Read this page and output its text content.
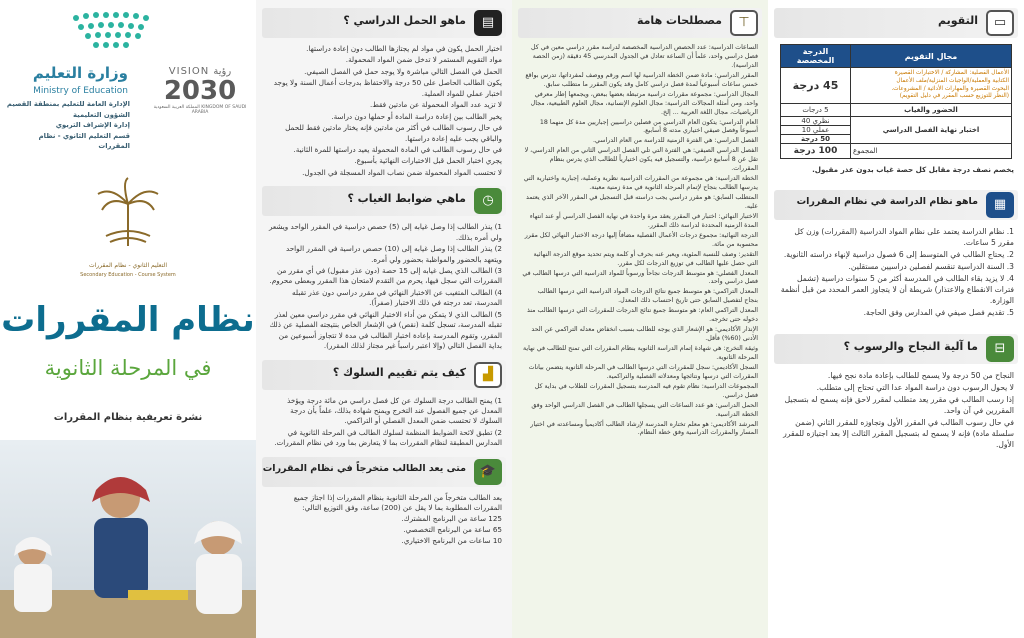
وزارة التعليم
Ministry of Education
الإدارة العامة للتعليم بمنطقة القصيم
الشؤون التعليمية
إدارة الإشراف التربوي
قسم التعليم الثانوي - نظام المقررات
VISION رؤية
2030
المملكة العربية السعودية KINGDOM OF SAUDI ARABIA
التعليم الثانوي - نظام المقررات
Secondary Education - Course System
نظام المقررات
في المرحلة الثانوية
نشرة تعريفية بنظام المقررات
▤
ماهو الحمل الدراسي ؟
اختيار الحمل يكون في مواد لم يجتازها الطالب دون إعادة دراستها.
مواد التقويم المستمر لا تدخل ضمن المواد المحمولة.
الحمل في الفصل التالي مباشرة ولا يوجد حمل في الفصل الصيفي.
يكون الطالب الحاصل على 50 درجة والاحتفاظ بدرجات أعمال السنة ولا يوجد اختبار عملي للمواد العملية.
لا تزيد عدد المواد المحمولة عن مادتين فقط.
يخير الطالب بين إعادة دراسة المادة أو حملها دون دراسة.
في حال رسوب الطالب في أكثر من مادتين فإنه يختار مادتين فقط للحمل والباقي يجب عليه إعادة دراستها.
في حال رسوب الطالب في المادة المحمولة يعيد دراستها للمرة الثانية.
يجري اختبار الحمل قبل الاختبارات النهائية بأسبوع.
لا تحتسب المواد المحمولة ضمن نصاب المواد المسجلة في الجدول.
◷
ماهي ضوابط الغياب ؟
1) ينذر الطالب إذا وصل غيابه إلى (5) حصص دراسية في المقرر الواحد ويشعر ولي أمره بذلك.
2) ينذر الطالب إذا وصل غيابه إلى (10) حصص دراسية في المقرر الواحد ويتعهد بالحضور والمواظبة بحضور ولي أمره.
3) الطالب الذي يصل غيابه إلى 15 حصة (دون عذر مقبول) في أي مقرر من المقررات التي سجل فيها، يحرم من التقدم لامتحان هذا المقرر وبعطى محروم.
4) الطالب المتغيب عن الاختبار النهائي في مقرر دراسي دون عذر تقبله المدرسة، تعد درجته في ذلك الاختبار (صفراً).
5) الطالب الذي لا يتمكن من أداء الاختبار النهائي في مقرر دراسي معين لعذر تقبله المدرسة، تسجل كلمة (نقص) في الإشعار الخاص بنتيجته الفصلية عن ذلك المقرر، وتقوم المدرسة بإعادة اختبار الطالب في مدة لا تتجاوز أسبوعين من بداية الفصل التالي (وإلا اعتبر راسباً غير مجتاز لذلك المقرر).
▟
كيف يتم تقييم السلوك ؟
1) يمنح الطالب درجة السلوك عن كل فصل دراسي من مائة درجة ويؤخذ المعدل عن جميع الفصول عند التخرج ويمنح شهادة بذلك، علماً بأن درجة السلوك لا تحتسب ضمن المعدل الفصلي أو التراكمي.
2) تطبق لائحة الضوابط المنظمة لسلوك الطالب في المرحلة الثانوية في المدارس المطبقة لنظام المقررات بما لا يتعارض بما ورد في نظام المقررات.
🎓
متى يعد الطالب متخرجاً في نظام المقررات
يعد الطالب متخرجاً من المرحلة الثانوية بنظام المقررات إذا اجتاز جميع المقررات المطلوبة بما لا يقل عن (200) ساعة، وفق التوزيع التالي:
125 ساعة من البرنامج المشترك.
65 ساعة من البرنامج التخصصي.
10 ساعات من البرنامج الاختياري.
⊤
مصطلحات هامة
الساعات الدراسية: عدد الحصص الدراسية المخصصة لدراسة مقرر دراسي معين في كل فصل دراسي واحد، علماً أن الساعة تعادل في الجدول المدرسي 45 دقيقة (زمن الحصة الدراسية).
المقرر الدراسي: مادة ضمن الخطة الدراسية لها اسم ورقم ووصف لمفرداتها، تدرس بواقع خمس ساعات أسبوعياً لمدة فصل دراسي كامل وقد يكون المقرر ما متطلب سابق.
المجال الدراسي: مجموعة مقررات دراسية مرتبطة بعضها ببعض، ويجمعها إطار معرفي واحد، ومن أمثلة المجالات الدراسية: مجال العلوم الإنسانية، مجال العلوم الطبيعية، مجال الرياضيات، مجال اللغة العربية ... إلخ.
العام الدراسي: يتكون العام الدراسي من فصلين دراسيين إجباريين مدة كل منهما 18 أسبوعاً وفصل صيفي اختياري مدته 8 أسابيع.
الفصل الدراسي: هي الفترة الزمنية للدراسة من العام الدراسي.
الفصل الدراسي الصيفي: هي الفترة التي تلي الفصل الدراسي الثاني من العام الدراسي، لا تقل عن 8 أسابيع دراسية، والتسجيل فيه يكون اختيارياً للطالب الذي يدرس بنظام المقررات.
الخطة الدراسية: هي مجموعة من المقررات الدراسية نظرية وعملية، إجبارية واختيارية التي يدرسها الطالب بنجاح لإتمام المرحلة الثانوية في مدة زمنية معينة.
المتطلب السابق: هو مقرر دراسي يجب دراسته قبل التسجيل في المقرر الآخر الذي يعتمد عليه.
الاختبار النهائي: اختبار في المقرر يعقد مرة واحدة في نهاية الفصل الدراسي أو عند انتهاء المدة الزمنية المحددة لدراسة ذلك المقرر.
الدرجة النهائية: مجموع درجات الأعمال الفصلية مضافاً إليها درجة الاختبار النهائي لكل مقرر محسوبة من مائة.
التقدير: وصف للنسبة المئوية، ويعبر عنه بحرف أو كلمة ويتم تحديد موقع الدرجة النهائية التي حصل عليها الطالب في توزيع الدرجات لكل مقرر.
المعدل الفصلي: هو متوسط الدرجات نجاحاً ورسوباً للمواد الدراسية التي درسها الطالب في فصل دراسي واحد.
المعدل التراكمي: هو متوسط جميع نتائج الدرجات المواد الدراسية التي درسها الطالب بنجاح لتفصيل السابق حتى تاريخ احتساب ذلك المعدل.
المعدل التراكمي العام: هو متوسط جميع نتائج الدرجات للمقررات التي درسها الطالب منذ دخوله حتى تخرجه.
الإنذار الأكاديمي: هو الإشعار الذي يوجه للطالب بسبب انخفاض معدله التراكمي عن الحد الأدنى (60%) فأقل.
وثيقة التخرج: هي شهادة إتمام الدراسة الثانوية بنظام المقررات التي تمنح للطالب في نهاية المرحلة الثانوية.
السجل الأكاديمي: سجل للمقررات التي درسها الطالب في المرحلة الثانوية يتضمن بيانات المقررات التي درسها ونتائجها ومعدلاته الفصلية والتراكمية.
المجموعات الدراسية: نظام تقوم فيه المدرسة بتسجيل المقررات للطلاب في بداية كل فصل دراسي.
الحمل الدراسي: هو عدد الساعات التي يسجلها الطالب في الفصل الدراسي الواحد وفق الخطة الدراسية.
المرشد الأكاديمي: هو معلم تختاره المدرسة لإرشاد الطالب أكاديمياً ومساعدته في اختيار المسار والمقررات الدراسية وفق خطة النظام.
▭
التقويم
مجال التقويم	الدرجة المخصصة

الأعمال الفصلية: المشاركة / الاختبارات القصيرة
الكتابية والعملية/الواجبات المنزلية/ملف الأعمال
البحوث القصيرة والمهارات الأدائية / المشروعات.
(النظر للتوزيع حسب المقرر في دليل التقويم)	45 درجة
الحضور والغياب	5 درجات
اختبار نهاية الفصل الدراسي	نظري 40
عملي 10
50 درجة

المجموع	100 درجة
يخصم نصف درجة مقابل كل حصة غياب بدون عذر مقبول.
▦
ماهو نظام الدراسة في نظام المقررات
1. نظام الدراسة يعتمد على نظام المواد الدراسية (المقررات) وزن كل مقرر 5 ساعات.
2. يحتاج الطالب في المتوسط إلى 6 فصول دراسية لإنهاء دراسته الثانوية.
3. السنة الدراسية تنقسم لفصلين دراسيين مستقلين.
4. لا يزيد بقاء الطالب في المدرسة أكثر من 5 سنوات دراسية (تشمل فترات الانقطاع والاعتذار) شريطة أن لا يتجاوز العمر المحدد من قبل أنظمة الوزارة.
5. تقديم فصل صيفي في المدارس وفق الحاجة.
⊟
ما آلية النجاح والرسوب ؟
النجاح من 50 درجة ولا يسمح للطالب بإعادة مادة نجح فيها.
لا يحول الرسوب دون دراسة المواد عدا التي تحتاج إلى متطلب.
إذا رسب الطالب في مقرر يعد متطلب لمقرر لاحق فإنه يسمح له بتسجيل المقررين في آن واحد.
في حال رسوب الطالب في المقرر الأول وتجاوزه للمقرر الثاني (ضمن سلسلة مادة) فإنه لا يسمح له بتسجيل المقرر الثالث إلا بعد اجتيازه للمقرر الأول.
